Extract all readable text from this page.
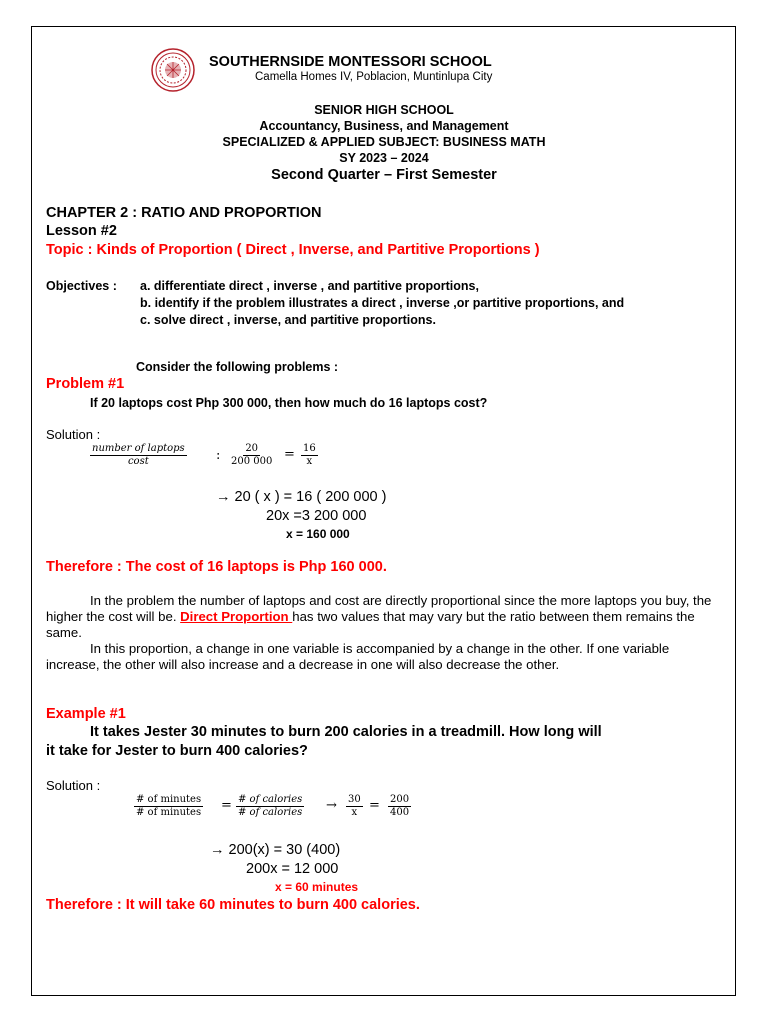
SOUTHERNSIDE MONTESSORI SCHOOL
Camella Homes IV, Poblacion, Muntinlupa City
SENIOR HIGH SCHOOL
Accountancy, Business, and Management
SPECIALIZED & APPLIED SUBJECT: BUSINESS MATH
SY 2023 – 2024
Second Quarter – First Semester
CHAPTER 2 : RATIO AND PROPORTION
Lesson #2
Topic : Kinds of Proportion ( Direct , Inverse, and Partitive Proportions )
Objectives : a. differentiate direct , inverse , and partitive proportions,
b. identify if the problem illustrates a direct , inverse ,or partitive proportions, and
c. solve direct , inverse, and partitive proportions.
Consider the following problems :
Problem #1
If 20 laptops cost Php 300 000, then how much do 16 laptops cost?
Solution :
number of laptops
cost	: $\frac{20}{200 000} = \frac{16}{x}$
→ 20 ( x ) = 16 ( 200 000 )
20x =3 200 000
x = 160 000
Therefore : The cost of 16 laptops is Php 160 000.
In the problem the number of laptops and cost are directly proportional since the more laptops you buy, the higher the cost will be. Direct Proportion has two values that may vary but the ratio between them remains the same.
In this proportion, a change in one variable is accompanied by a change in the other. If one variable increase, the other will also increase and a decrease in one will also decrease the other.
Example #1
It takes Jester 30 minutes to burn 200 calories in a treadmill. How long will
it take for Jester to burn 400 calories?
Solution :
# of minutes
# of minutes = # of calories
# of calories → $\frac{30}{x} = \frac{200}{400}$
→ 200(x) = 30 (400)
200x = 12 000
x = 60 minutes
Therefore : It will take 60 minutes to burn 400 calories.
